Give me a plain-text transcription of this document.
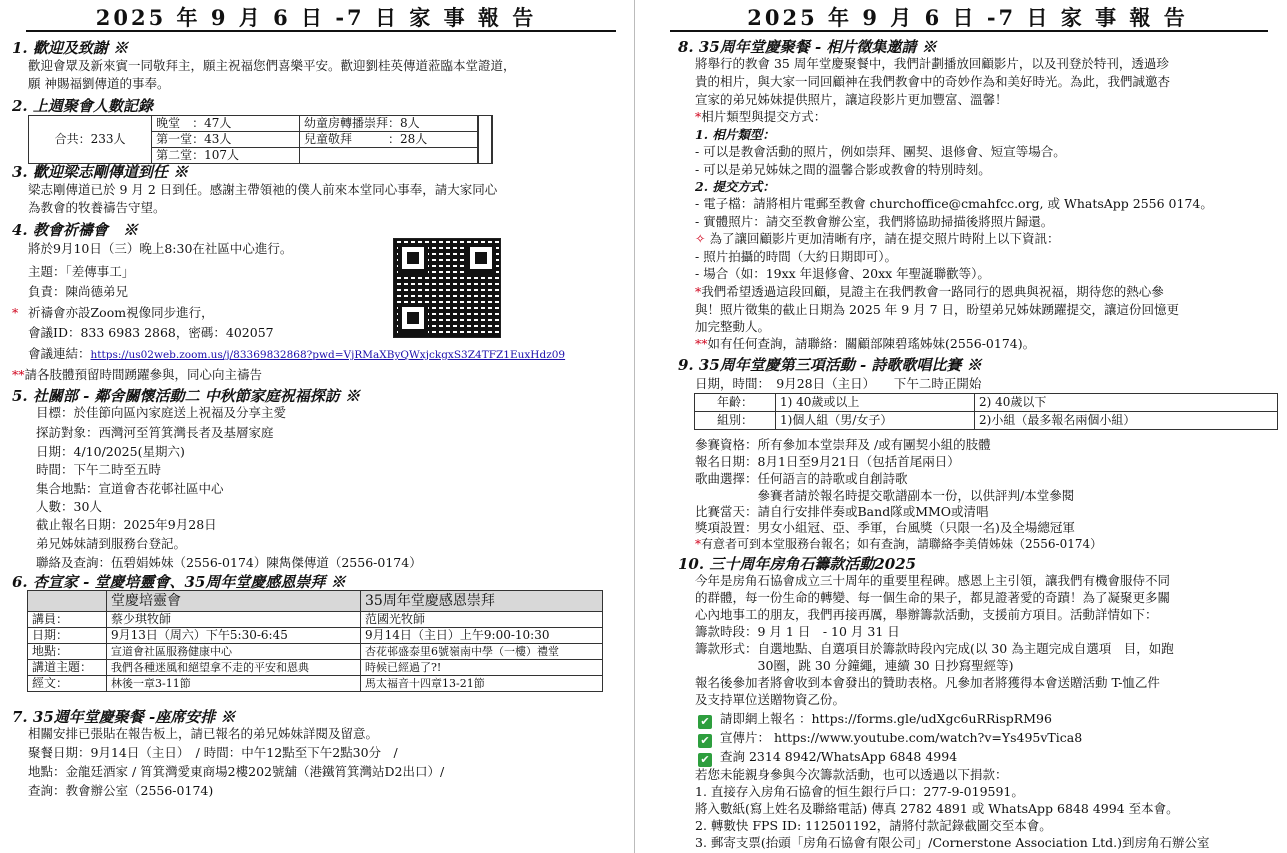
2025 年 9 月 6 日 -7 日 家 事 報 告
1. 歡迎及致謝 ※
歡迎會眾及新來賓一同敬拜主，願主祝福您們喜樂平安。歡迎劉桂英傳道蒞臨本堂證道，
願 神賜福劉傳道的事奉。
2. 上週聚會人數記錄
合共：233人	晚堂　：47人	幼童房轉播崇拜：8人	
	第一堂：43人	兒童敬拜　　　：28人	
	第二堂：107人		
3. 歡迎梁志剛傳道到任 ※
梁志剛傳道已於 9 月 2 日到任。感謝主帶領祂的僕人前來本堂同心事奉，請大家同心
為教會的牧養禱告守望。
4. 教會祈禱會　※
將於9月10日（三）晚上8:30在社區中心進行。
主題：「差傳事工」
負責：陳尚德弟兄
* 祈禱會亦設Zoom視像同步進行，
會議ID：833 6983 2868，密碼：402057
會議連結：https://us02web.zoom.us/j/83369832868?pwd=VjRMaXByQWxjckgxS3Z4TFZ1EuxHdz09
**請各肢體預留時間踴躍參與，同心向主禱告
5. 社關部 - 鄰舍關懷活動二 中秋節家庭祝福探訪 ※
目標：於佳節向區內家庭送上祝福及分享主愛
探訪對象：西灣河至筲箕灣長者及基層家庭
日期：4/10/2025(星期六)
時間：下午二時至五時
集合地點：宣道會杏花邨社區中心
人數：30人
截止報名日期：2025年9月28日
弟兄姊妹請到服務台登記。
聯絡及查詢：伍碧娟姊妹（2556-0174）陳雋傑傳道（2556-0174）
6. 杏宣家 - 堂慶培靈會、35周年堂慶感恩崇拜 ※
	堂慶培靈會	35周年堂慶感恩崇拜
講員：	蔡少琪牧師	范國光牧師
日期：	9月13日（周六）下午5:30-6:45	9月14日（主日）上午9:00-10:30
地點：	宣道會社區服務健康中心	杏花邨盛泰里6號嶺南中學（一樓）禮堂
講道主題：	我們各種迷風和絕望拿不走的平安和恩典	時候已經過了?!
經文：	林後一章3-11節	馬太福音十四章13-21節
7. 35週年堂慶聚餐 -座席安排 ※
相關安排已張貼在報告板上，請已報名的弟兄姊妹詳閱及留意。
聚餐日期：9月14日（主日）　/ 時間：中午12點至下午2點30分　/
地點：金龍廷酒家 / 筲箕灣愛東商場2樓202號舖（港鐵筲箕灣站D2出口）/
查詢：教會辦公室（2556-0174)
2025 年 9 月 6 日 -7 日 家 事 報 告
8. 35周年堂慶聚餐 - 相片徵集邀請 ※
將舉行的教會 35 周年堂慶聚餐中，我們計劃播放回顧影片，以及刊登於特刊，透過珍
貴的相片，與大家一同回顧神在我們教會中的奇妙作為和美好時光。為此，我們誠邀杏
宣家的弟兄姊妹提供照片，讓這段影片更加豐富、溫馨！
*相片類型與提交方式：
1. 相片類型：
- 可以是教會活動的照片，例如崇拜、團契、退修會、短宣等場合。
- 可以是弟兄姊妹之間的溫馨合影或教會的特別時刻。
2. 提交方式：
- 電子檔：請將相片電郵至教會 churchoffice@cmahfcc.org, 或 WhatsApp 2556 0174。
- 實體照片：請交至教會辦公室，我們將協助掃描後將照片歸還。
✧ 為了讓回顧影片更加清晰有序，請在提交照片時附上以下資訊：
- 照片拍攝的時間（大約日期即可）。
- 場合（如：19xx 年退修會、20xx 年聖誕聯歡等）。
*我們希望透過這段回顧，見證主在我們教會一路同行的恩典與祝福，期待您的熱心參
與！照片徵集的截止日期為 2025 年 9 月 7 日，盼望弟兄姊妹踴躍提交，讓這份回憶更
加完整動人。
**如有任何查詢，請聯絡：關顧部陳碧瑤姊妹(2556-0174)。
9. 35周年堂慶第三項活動 - 詩歌歌唱比賽 ※
日期，時間：　9月28日（主日）　　下午二時正開始
年齡：	1) 40歲或以上	2) 40歲以下
組別：	1)個人組（男/女子）	2)小組（最多報名兩個小組）
參賽資格：所有參加本堂崇拜及 /或有團契小組的肢體
報名日期：8月1日至9月21日（包括首尾兩日）
歌曲選擇：任何語言的詩歌或自創詩歌
　　　　　參賽者請於報名時提交歌譜副本一份，以供評判/本堂參閱
比賽當天：請自行安排伴奏或Band隊或MMO或清唱
獎項設置：男女小組冠、亞、季軍，台風獎（只限一名)及全場總冠軍
*有意者可到本堂服務台報名；如有查詢，請聯絡李美倩姊妹（2556-0174）
10. 三十周年房角石籌款活動2025
今年是房角石協會成立三十周年的重要里程碑。感恩上主引領，讓我們有機會服侍不同
的群體，每一份生命的轉變、每一個生命的果子，都見證著愛的奇蹟！為了凝聚更多關
心內地事工的朋友，我們再接再厲，舉辦籌款活動，支援前方項目。活動詳情如下：
籌款時段：9 月 1 日　- 10 月 31 日
籌款形式：自選地點、自選項目於籌款時段內完成(以 30 為主題完成自選項　目，如跑
　　　　　30圈，跳 30 分鐘繩，連續 30 日抄寫聖經等)
報名後參加者將會收到本會發出的贊助表格。凡參加者將獲得本會送贈活動 T-恤乙件
及支持單位送贈物資乙份。
✔ 請即網上報名 ：https://forms.gle/udXgc6uRRispRM96
✔ 宣傳片： https://www.youtube.com/watch?v=Ys495vTica8
✔ 查詢 2314 8942/WhatsApp 6848 4994
若您未能親身參與今次籌款活動，也可以透過以下捐款：
1. 直接存入房角石協會的恒生銀行戶口：277-9-019591。
將入數紙(寫上姓名及聯絡電話) 傳真 2782 4891 或 WhatsApp 6848 4994 至本會。
2. 轉數快 FPS ID: 112501192，請將付款記錄截圖交至本會。
3. 郵寄支票(抬頭「房角石協會有限公司」/Cornerstone Association Ltd.)到房角石辦公室
